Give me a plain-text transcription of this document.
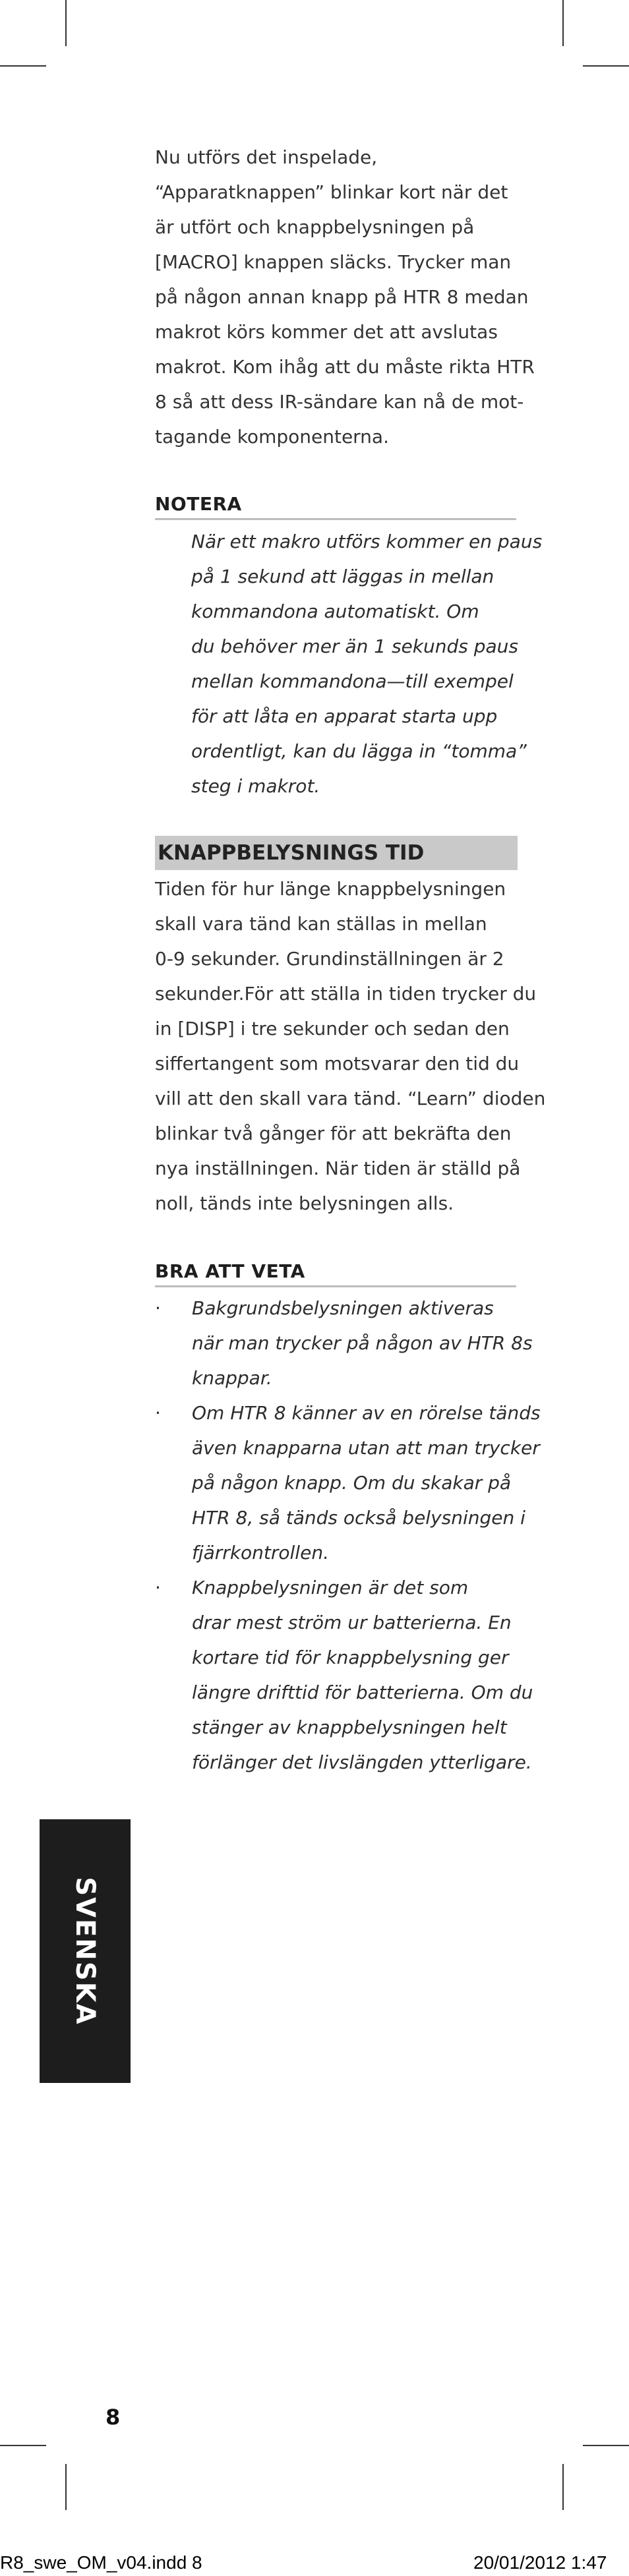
Nu utförs det inspelade,
“Apparatknappen” blinkar kort när det
är utfört och knappbelysningen på
[MACRO] knappen släcks. Trycker man
på någon annan knapp på HTR 8 medan
makrot körs kommer det att avslutas
makrot. Kom ihåg att du måste rikta HTR
8 så att dess IR-sändare kan nå de mot-
tagande komponenterna.
NOTERA
När ett makro utförs kommer en paus
på 1 sekund att läggas in mellan
kommandona automatiskt. Om
du behöver mer än 1 sekunds paus
mellan kommandona—till exempel
för att låta en apparat starta upp
ordentligt, kan du lägga in “tomma”
steg i makrot.
KNAPPBELYSNINGS TID
Tiden för hur länge knappbelysningen
skall vara tänd kan ställas in mellan
0-9 sekunder. Grundinställningen är 2
sekunder.För att ställa in tiden trycker du
in [DISP] i tre sekunder och sedan den
siffertangent som motsvarar den tid du
vill att den skall vara tänd. “Learn” dioden
blinkar två gånger för att bekräfta den
nya inställningen. När tiden är ställd på
noll, tänds inte belysningen alls.
BRA ATT VETA
· Bakgrundsbelysningen aktiveras
när man trycker på någon av HTR 8s
knappar.
· Om HTR 8 känner av en rörelse tänds
även knapparna utan att man trycker
på någon knapp. Om du skakar på
HTR 8, så tänds också belysningen i
fjärrkontrollen.
· Knappbelysningen är det som
drar mest ström ur batterierna. En
kortare tid för knappbelysning ger
längre drifttid för batterierna. Om du
stänger av knappbelysningen helt
förlänger det livslängden ytterligare.
SVENSKA
8
R8_swe_OM_v04.indd 8	20/01/2012 1:47
